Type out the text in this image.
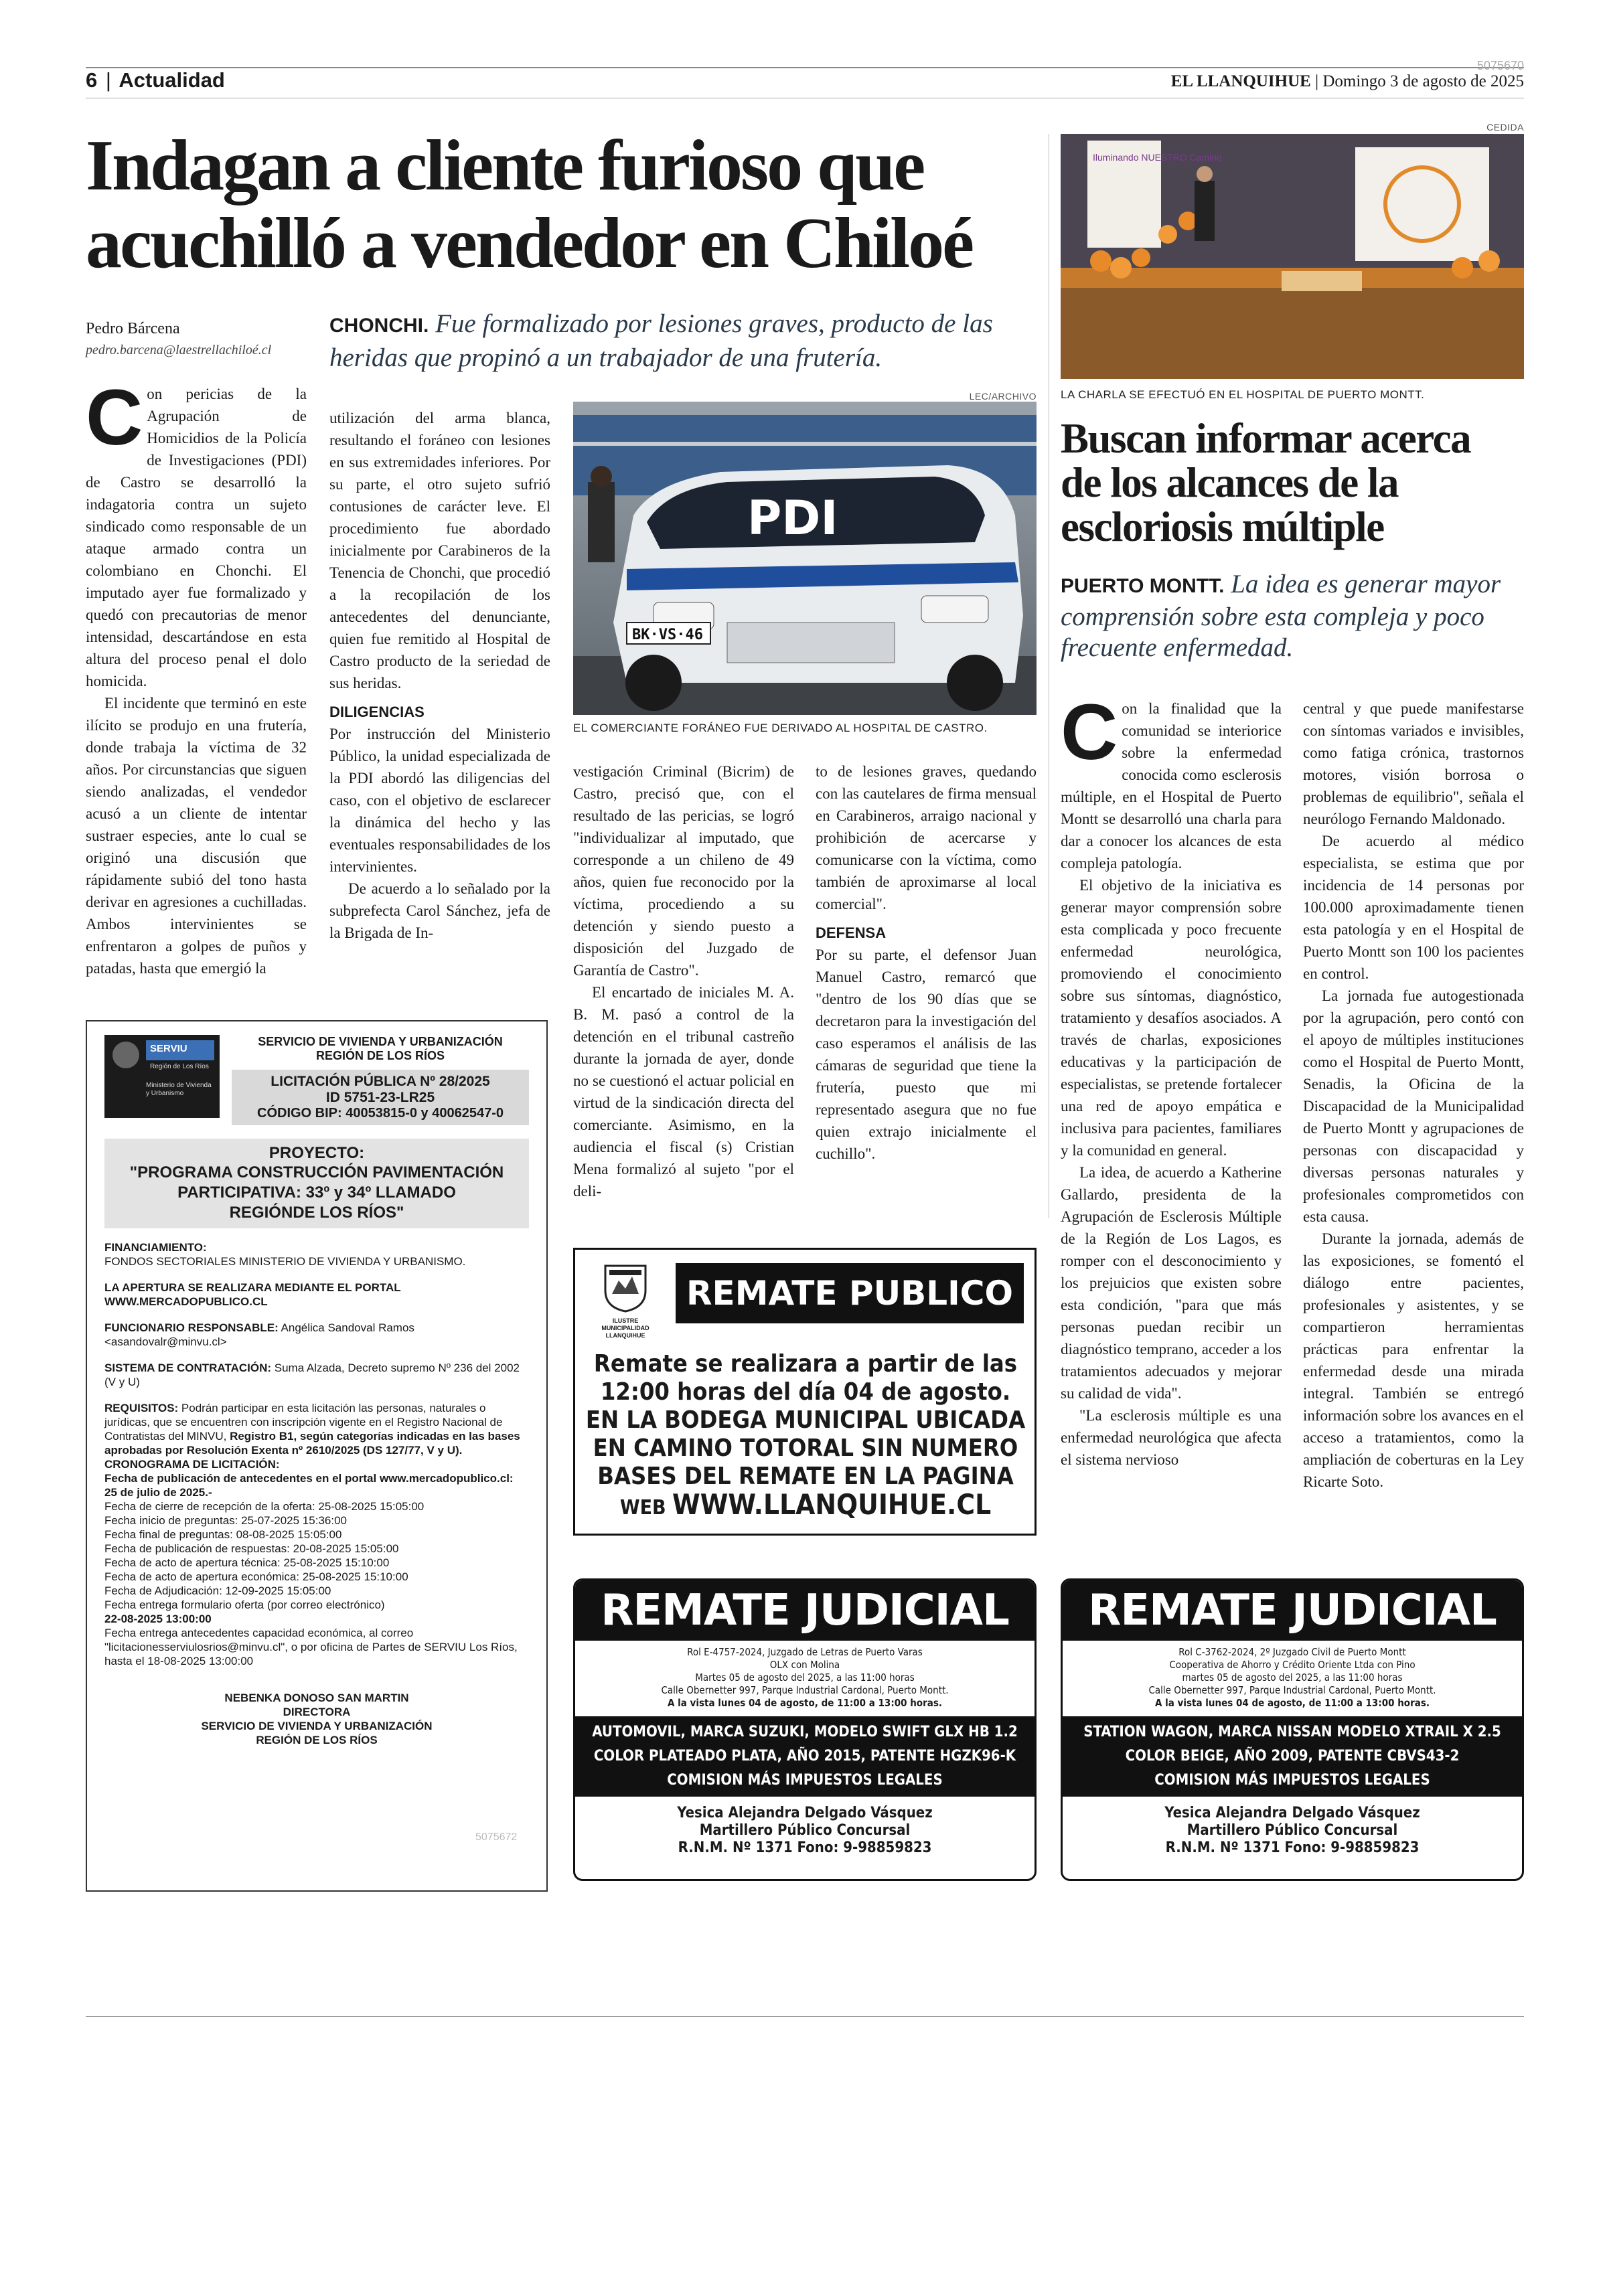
6 | Actualidad	EL LLANQUIHUE | Domingo 3 de agosto de 2025
5075670
Indagan a cliente furioso que
acuchilló a vendedor en Chiloé
Pedro Bárcena
pedro.barcena@laestrellachiloé.cl
CHONCHI. Fue formalizado por lesiones graves, producto de las heridas que propinó a un trabajador de una frutería.

Con pericias de la Agrupación de Homicidios de la Policía de Investigaciones (PDI) de Castro se desarrolló la indagatoria contra un sujeto sindicado como responsable de un ataque armado contra un colombiano en Chonchi. El imputado ayer fue formalizado y quedó con precautorias de menor intensidad, descartándose en esta altura del proceso penal el dolo homicida.

El incidente que terminó en este ilícito se produjo en una frutería, donde trabaja la víctima de 32 años. Por circunstancias que siguen siendo analizadas, el vendedor acusó a un cliente de intentar sustraer especies, ante lo cual se originó una discusión que rápidamente subió del tono hasta derivar en agresiones a cuchilladas. Ambos intervinientes se enfrentaron a golpes de puños y patadas, hasta que emergió la

utilización del arma blanca, resultando el foráneo con lesiones en sus extremidades inferiores. Por su parte, el otro sujeto sufrió contusiones de carácter leve. El procedimiento fue abordado inicialmente por Carabineros de la Tenencia de Chonchi, que procedió a la recopilación de los antecedentes del denunciante, quien fue remitido al Hospital de Castro producto de la seriedad de sus heridas.

DILIGENCIAS

Por instrucción del Ministerio Público, la unidad especializada de la PDI abordó las diligencias del caso, con el objetivo de esclarecer la dinámica del hecho y las eventuales responsabilidades de los intervinientes.

De acuerdo a lo señalado por la subprefecta Carol Sánchez, jefa de la Brigada de In-

LEC/ARCHIVO
PDI
BK·VS·46
EL COMERCIANTE FORÁNEO FUE DERIVADO AL HOSPITAL DE CASTRO.

vestigación Criminal (Bicrim) de Castro, precisó que, con el resultado de las pericias, se logró "individualizar al imputado, que corresponde a un chileno de 49 años, quien fue reconocido por la víctima, procediendo a su detención y siendo puesto a disposición del Juzgado de Garantía de Castro".

El encartado de iniciales M. A. B. M. pasó a control de la detención en el tribunal castreño durante la jornada de ayer, donde no se cuestionó el actuar policial en virtud de la sindicación directa del comerciante. Asimismo, en la audiencia el fiscal (s) Cristian Mena formalizó al sujeto "por el deli-

to de lesiones graves, quedando con las cautelares de firma mensual en Carabineros, arraigo nacional y prohibición de acercarse y comunicarse con la víctima, como también de aproximarse al local comercial".

DEFENSA

Por su parte, el defensor Juan Manuel Castro, remarcó que "dentro de los 90 días que se decretaron para la investigación del caso esperamos el análisis de las cámaras de seguridad que tiene la frutería, puesto que mi representado asegura que no fue quien extrajo inicialmente el cuchillo".

CEDIDA
Iluminando NUESTRO Camino
LA CHARLA SE EFECTUÓ EN EL HOSPITAL DE PUERTO MONTT.
Buscan informar acerca
de los alcances de la
escloriosis múltiple
PUERTO MONTT. La idea es generar mayor comprensión sobre esta compleja y poco frecuente enfermedad.

Con la finalidad que la comunidad se interiorice sobre la enfermedad conocida como esclerosis múltiple, en el Hospital de Puerto Montt se desarrolló una charla para dar a conocer los alcances de esta compleja patología.

El objetivo de la iniciativa es generar mayor comprensión sobre esta complicada y poco frecuente enfermedad neurológica, promoviendo el conocimiento sobre sus síntomas, diagnóstico, tratamiento y desafíos asociados. A través de charlas, exposiciones educativas y la participación de especialistas, se pretende fortalecer una red de apoyo empática e inclusiva para pacientes, familiares y la comunidad en general.

La idea, de acuerdo a Katherine Gallardo, presidenta de la Agrupación de Esclerosis Múltiple de la Región de Los Lagos, es romper con el desconocimiento y los prejuicios que existen sobre esta condición, "para que más personas puedan recibir un diagnóstico temprano, acceder a los tratamientos adecuados y mejorar su calidad de vida".

"La esclerosis múltiple es una enfermedad neurológica que afecta el sistema nervioso

central y que puede manifestarse con síntomas variados e invisibles, como fatiga crónica, trastornos motores, visión borrosa o problemas de equilibrio", señala el neurólogo Fernando Maldonado.

De acuerdo al médico especialista, se estima que por incidencia de 14 personas por 100.000 aproximadamente tienen esta patología y en el Hospital de Puerto Montt son 100 los pacientes en control.

La jornada fue autogestionada por la agrupación, pero contó con el apoyo de múltiples instituciones como el Hospital de Puerto Montt, Senadis, la Oficina de la Discapacidad de la Municipalidad de Puerto Montt y agrupaciones de personas con discapacidad y diversas personas naturales y profesionales comprometidos con esta causa.

Durante la jornada, además de las exposiciones, se fomentó el diálogo entre pacientes, profesionales y asistentes, y se compartieron herramientas prácticas para enfrentar la enfermedad desde una mirada integral. También se entregó información sobre los avances en el acceso a tratamientos, como la ampliación de coberturas en la Ley Ricarte Soto.

SERVIU
Región de Los Ríos
Ministerio de Vivienda y Urbanismo
SERVICIO DE VIVIENDA Y URBANIZACIÓN
REGIÓN DE LOS RÍOS
LICITACIÓN PÚBLICA Nº 28/2025
ID 5751-23-LR25
CÓDIGO BIP: 40053815-0 y 40062547-0
PROYECTO:
"PROGRAMA CONSTRUCCIÓN PAVIMENTACIÓN
PARTICIPATIVA: 33º y 34º LLAMADO
REGIÓNDE LOS RÍOS"
FINANCIAMIENTO:
FONDOS SECTORIALES MINISTERIO DE VIVIENDA Y URBANISMO.
LA APERTURA SE REALIZARA MEDIANTE EL PORTAL
WWW.MERCADOPUBLICO.CL
FUNCIONARIO RESPONSABLE: Angélica Sandoval Ramos
<asandovalr@minvu.cl>
SISTEMA DE CONTRATACIÓN: Suma Alzada, Decreto supremo Nº 236 del 2002 (V y U)
REQUISITOS: Podrán participar en esta licitación las personas, naturales o jurídicas, que se encuentren con inscripción vigente en el Registro Nacional de Contratistas del MINVU, Registro B1, según categorías indicadas en las bases aprobadas por Resolución Exenta nº 2610/2025 (DS 127/77, V y U).
CRONOGRAMA DE LICITACIÓN:
Fecha de publicación de antecedentes en el portal www.mercadopublico.cl: 25 de julio de 2025.-
Fecha de cierre de recepción de la oferta: 25-08-2025 15:05:00
Fecha inicio de preguntas: 25-07-2025 15:36:00
Fecha final de preguntas: 08-08-2025 15:05:00
Fecha de publicación de respuestas: 20-08-2025 15:05:00
Fecha de acto de apertura técnica: 25-08-2025 15:10:00
Fecha de acto de apertura económica: 25-08-2025 15:10:00
Fecha de Adjudicación: 12-09-2025 15:05:00
Fecha entrega formulario oferta (por correo electrónico)
22-08-2025 13:00:00
Fecha entrega antecedentes capacidad económica, al correo "licitacionesserviulosrios@minvu.cl", o por oficina de Partes de SERVIU Los Ríos, hasta el 18-08-2025 13:00:00
NEBENKA DONOSO SAN MARTIN
DIRECTORA
SERVICIO DE VIVIENDA Y URBANIZACIÓN
REGIÓN DE LOS RÍOS
5075672
ILUSTRE MUNICIPALIDAD LLANQUIHUE
REMATE PUBLICO
Remate se realizara a partir de las
12:00 horas del día 04 de agosto.
EN LA BODEGA MUNICIPAL UBICADA
EN CAMINO TOTORAL SIN NUMERO
BASES DEL REMATE EN LA PAGINA
WEB WWW.LLANQUIHUE.CL
REMATE JUDICIAL
Rol E-4757-2024, Juzgado de Letras de Puerto Varas
OLX con Molina
Martes 05 de agosto del 2025, a las 11:00 horas
Calle Obernetter 997, Parque Industrial Cardonal, Puerto Montt.
A la vista lunes 04 de agosto, de 11:00 a 13:00 horas.
AUTOMOVIL, MARCA SUZUKI, MODELO SWIFT GLX HB 1.2
COLOR PLATEADO PLATA, AÑO 2015, PATENTE HGZK96-K
COMISION MÁS IMPUESTOS LEGALES
Yesica Alejandra Delgado Vásquez
Martillero Público Concursal
R.N.M. Nº 1371 Fono: 9-98859823
REMATE JUDICIAL
Rol C-3762-2024, 2º Juzgado Civil de Puerto Montt
Cooperativa de Ahorro y Crédito Oriente Ltda con Pino
martes 05 de agosto del 2025, a las 11:00 horas
Calle Obernetter 997, Parque Industrial Cardonal, Puerto Montt.
A la vista lunes 04 de agosto, de 11:00 a 13:00 horas.
STATION WAGON, MARCA NISSAN MODELO XTRAIL X 2.5
COLOR BEIGE, AÑO 2009, PATENTE CBVS43-2
COMISION MÁS IMPUESTOS LEGALES
Yesica Alejandra Delgado Vásquez
Martillero Público Concursal
R.N.M. Nº 1371 Fono: 9-98859823
